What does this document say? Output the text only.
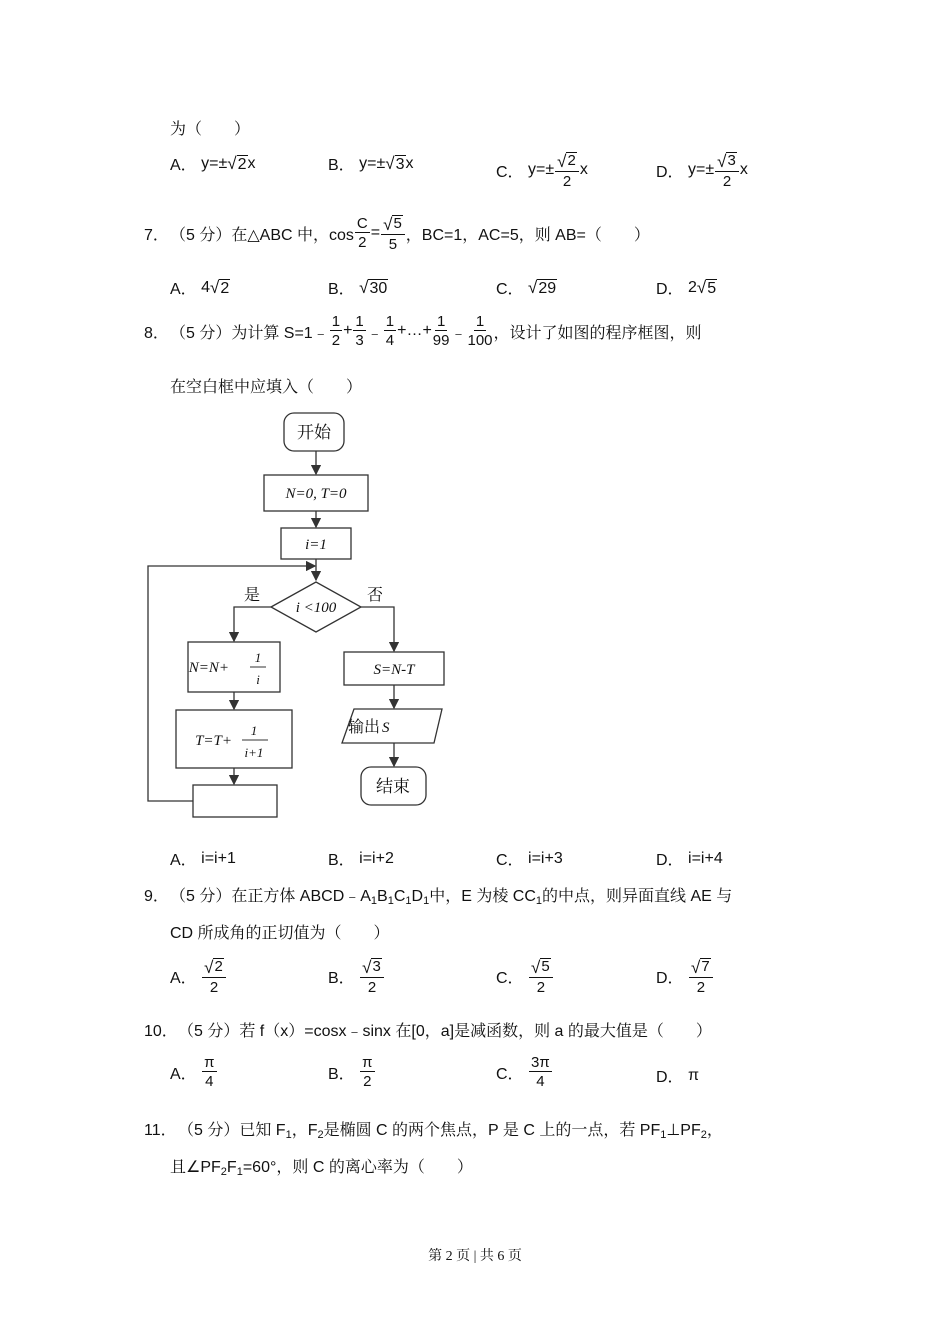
为（　　）
A．
y=± √ 2 x	B．
y=± √ 3 x
C．
$y=\pm \frac{√ 2}{2}$ x	D．
$y=\pm \frac{√ 3}{2}$ x
7． （5 分）在△ABC 中，$\cos \frac{C}{2} = \frac{√ 5}{5}$ ，BC=1，AC=5，则 AB=（　　）
A．
4 √ 2	B．
√ 30	C．
√ 29	D．
2 √ 5
8． （5 分）为计算 S=1﹣ $\frac{1}{2} + \frac{1}{3}$ ﹣ $\frac{1}{4}$ +…+ $\frac{1}{99}$ ﹣ $\frac{1}{100}$ ，设计了如图的程序框图，则
在空白框中应填入（　　）
开始
N=0, T=0
i=1
i <100
是	否
N=N+
1
i
T=T+
1
i+1
S=N-T
输出 S
结束
A．
i=i+1	B．
i=i+2	C．
i=i+3	D．
i=i+4
9．（5 分）在正方体 $ABCD﹣A_1B_1C_1D_1$中，E 为棱 $CC_1$的中点，则异面直线 AE 与
CD 所成角的正切值为（　　）
A．
$\frac{√ 2}{2}$	B．
$\frac{√ 3}{2}$	C．
$\frac{√ 5}{2}$	D．
$\frac{√ 7}{2}$
10．（5 分）若 f（x）=cosx﹣sinx 在[0，a]是减函数，则 a 的最大值是（　　）
A．
$\frac{\pi}{4}$	B．
$\frac{\pi}{2}$	C．
$\frac{3\pi}{4}$	D．
π
11．（5 分）已知 $F_1$，$F_2$是椭圆 C 的两个焦点，P 是 C 上的一点，若 $PF_1\perp PF_2$，
且$\angle PF_2F_1=60^\circ$，则 C 的离心率为（　　）
第 2 页 | 共 6 页
